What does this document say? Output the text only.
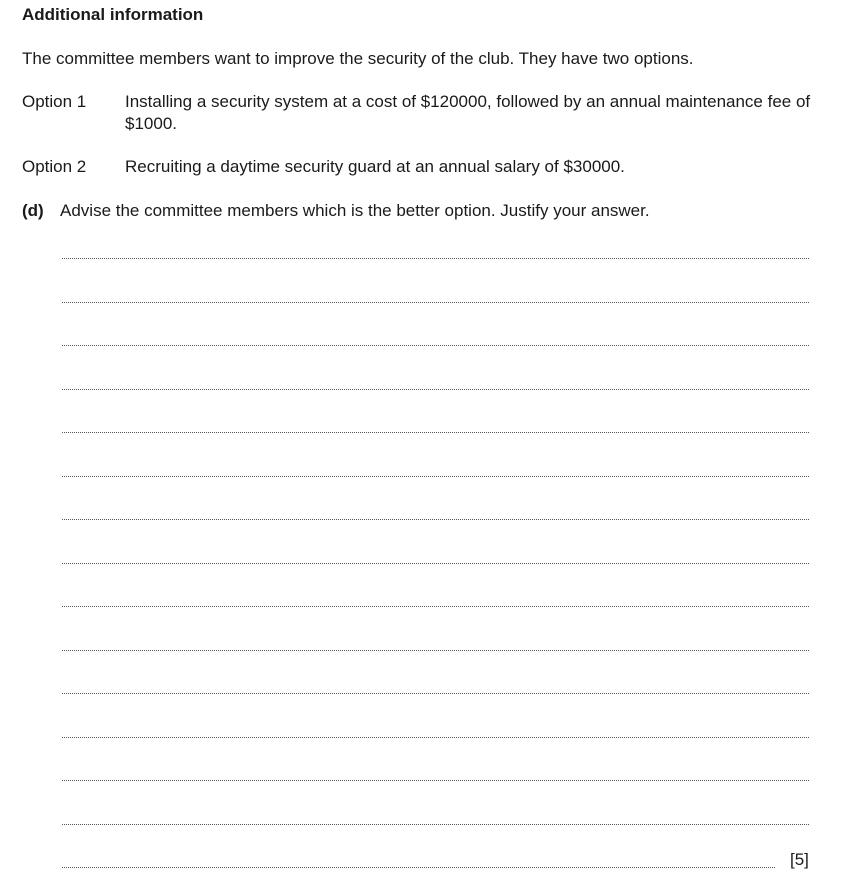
Additional information
The committee members want to improve the security of the club. They have two options.
Option 1	Installing a security system at a cost of $120000, followed by an annual maintenance fee of $1000.
Option 2	Recruiting a daytime security guard at an annual salary of $30000.
(d) Advise the committee members which is the better option. Justify your answer.
[5]
